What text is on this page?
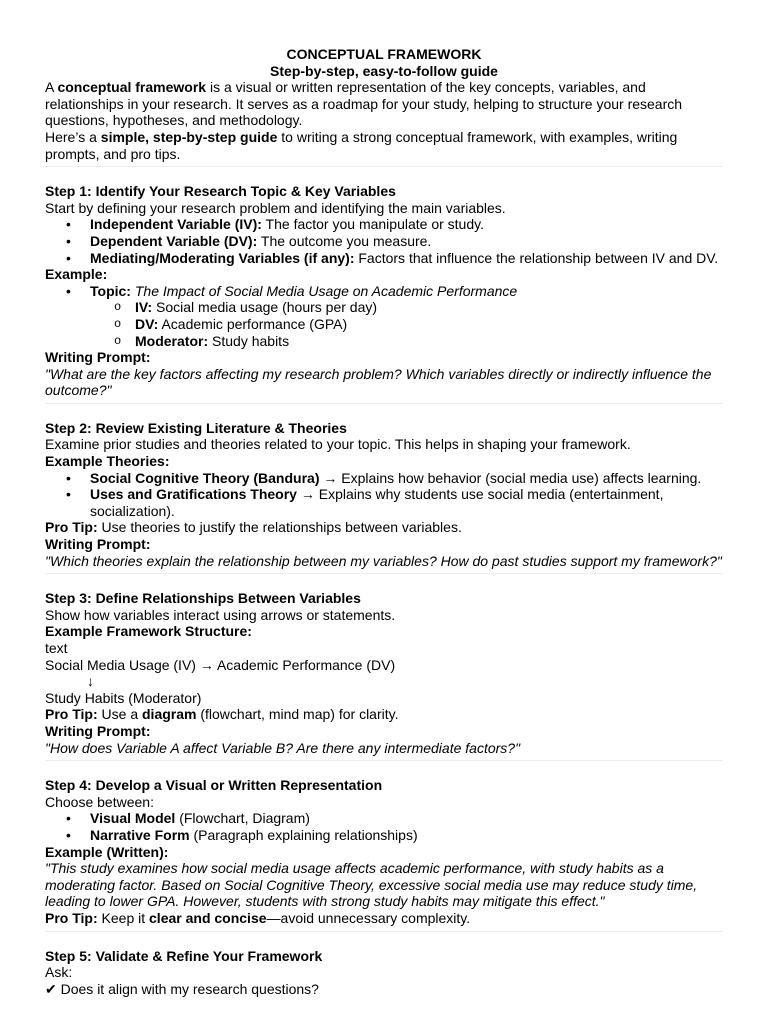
CONCEPTUAL FRAMEWORK
Step-by-step, easy-to-follow guide

A conceptual framework is a visual or written representation of the key concepts, variables, and relationships in your research. It serves as a roadmap for your study, helping to structure your research questions, hypotheses, and methodology.

Here’s a simple, step-by-step guide to writing a strong conceptual framework, with examples, writing prompts, and pro tips.

Step 1: Identify Your Research Topic & Key Variables
Start by defining your research problem and identifying the main variables.
• Independent Variable (IV): The factor you manipulate or study.
• Dependent Variable (DV): The outcome you measure.
• Mediating/Moderating Variables (if any): Factors that influence the relationship between IV and DV.
Example:
• Topic: The Impact of Social Media Usage on Academic Performance
o IV: Social media usage (hours per day)
o DV: Academic performance (GPA)
o Moderator: Study habits
Writing Prompt:
"What are the key factors affecting my research problem? Which variables directly or indirectly influence the outcome?"
Step 2: Review Existing Literature & Theories
Examine prior studies and theories related to your topic. This helps in shaping your framework.
Example Theories:
• Social Cognitive Theory (Bandura) → Explains how behavior (social media use) affects learning.
• Uses and Gratifications Theory → Explains why students use social media (entertainment, socialization).
Pro Tip: Use theories to justify the relationships between variables.
Writing Prompt:
"Which theories explain the relationship between my variables? How do past studies support my framework?"
Step 3: Define Relationships Between Variables
Show how variables interact using arrows or statements.
Example Framework Structure:
text
Social Media Usage (IV) → Academic Performance (DV)
↓
Study Habits (Moderator)
Pro Tip: Use a diagram (flowchart, mind map) for clarity.
Writing Prompt:
"How does Variable A affect Variable B? Are there any intermediate factors?"
Step 4: Develop a Visual or Written Representation
Choose between:
• Visual Model (Flowchart, Diagram)
• Narrative Form (Paragraph explaining relationships)
Example (Written):
"This study examines how social media usage affects academic performance, with study habits as a moderating factor. Based on Social Cognitive Theory, excessive social media use may reduce study time, leading to lower GPA. However, students with strong study habits may mitigate this effect."
Pro Tip: Keep it clear and concise—avoid unnecessary complexity.
Step 5: Validate & Refine Your Framework
Ask:
✔ Does it align with my research questions?
